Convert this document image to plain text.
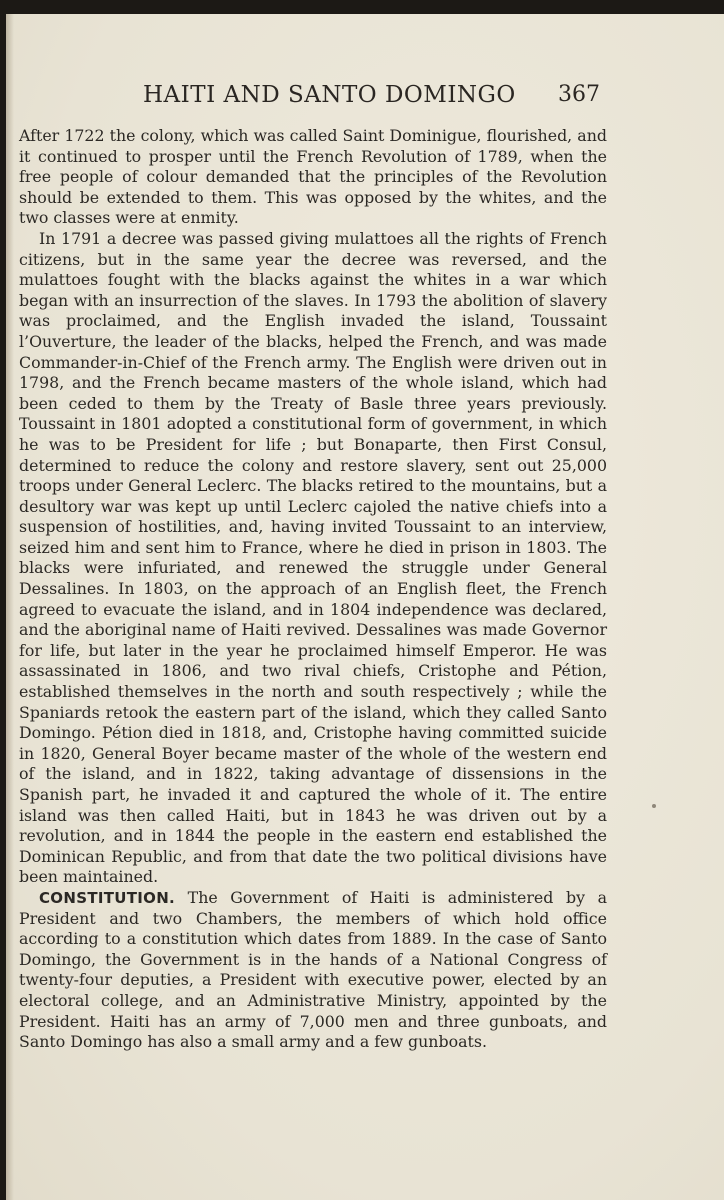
HAITI AND SANTO DOMINGO 367

After 1722 the colony, which was called Saint Dominigue, flourished, and it continued to prosper until the French Revolution of 1789, when the free people of colour demanded that the principles of the Revolution should be extended to them. This was opposed by the whites, and the two classes were at enmity.

In 1791 a decree was passed giving mulattoes all the rights of French citizens, but in the same year the decree was reversed, and the mulattoes fought with the blacks against the whites in a war which began with an insurrection of the slaves. In 1793 the abolition of slavery was proclaimed, and the English invaded the island, Toussaint l’Ouverture, the leader of the blacks, helped the French, and was made Commander-in-Chief of the French army. The English were driven out in 1798, and the French became masters of the whole island, which had been ceded to them by the Treaty of Basle three years previously. Toussaint in 1801 adopted a constitutional form of government, in which he was to be President for life ; but Bonaparte, then First Consul, determined to reduce the colony and restore slavery, sent out 25,000 troops under General Leclerc. The blacks retired to the mountains, but a desultory war was kept up until Leclerc cajoled the native chiefs into a suspension of hostilities, and, having invited Toussaint to an interview, seized him and sent him to France, where he died in prison in 1803. The blacks were infuriated, and renewed the struggle under General Dessalines. In 1803, on the approach of an English fleet, the French agreed to evacuate the island, and in 1804 independence was declared, and the aboriginal name of Haiti revived. Dessalines was made Governor for life, but later in the year he proclaimed himself Emperor. He was assassinated in 1806, and two rival chiefs, Cristophe and Pétion, established themselves in the north and south respectively ; while the Spaniards retook the eastern part of the island, which they called Santo Domingo. Pétion died in 1818, and, Cristophe having committed suicide in 1820, General Boyer became master of the whole of the western end of the island, and in 1822, taking advantage of dissensions in the Spanish part, he invaded it and captured the whole of it. The entire island was then called Haiti, but in 1843 he was driven out by a revolution, and in 1844 the people in the eastern end established the Dominican Republic, and from that date the two political divisions have been maintained.

CONSTITUTION. The Government of Haiti is administered by a President and two Chambers, the members of which hold office according to a constitution which dates from 1889. In the case of Santo Domingo, the Government is in the hands of a National Congress of twenty-four deputies, a President with executive power, elected by an electoral college, and an Administrative Ministry, appointed by the President. Haiti has an army of 7,000 men and three gunboats, and Santo Domingo has also a small army and a few gunboats.
